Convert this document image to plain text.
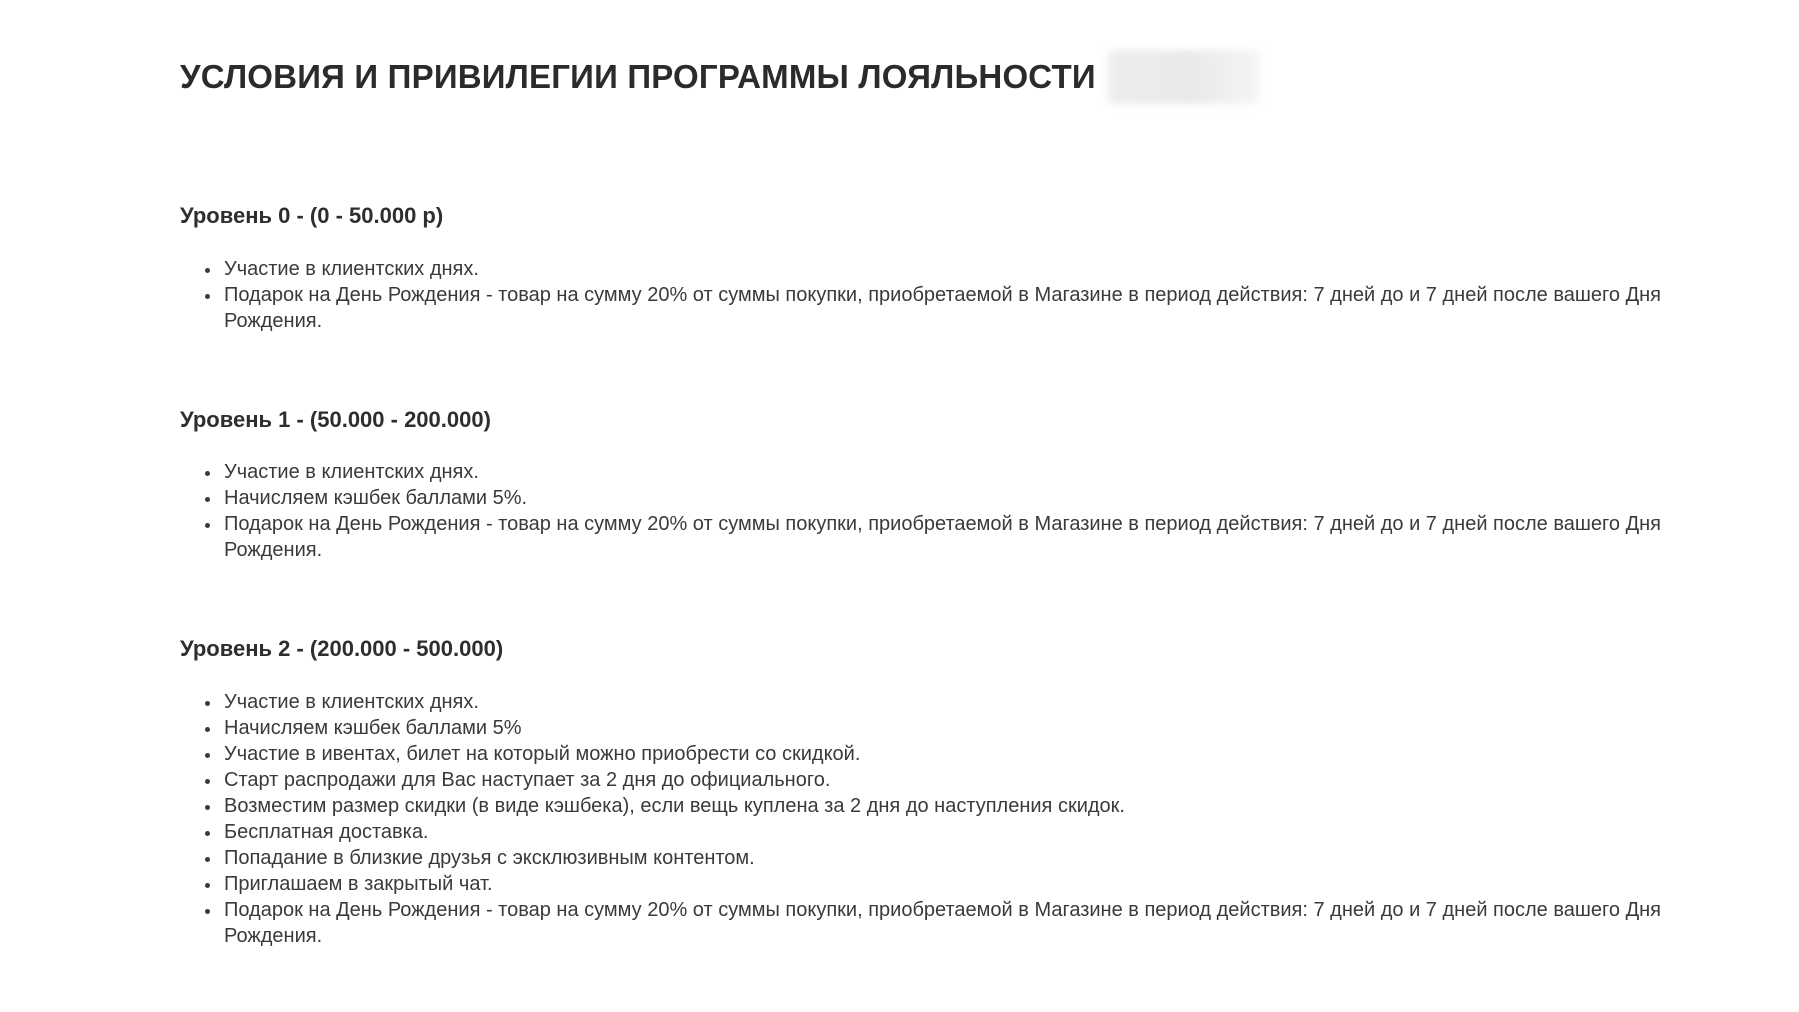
УСЛОВИЯ И ПРИВИЛЕГИИ ПРОГРАММЫ ЛОЯЛЬНОСТИ
Уровень 0 - (0 - 50.000 р)
• Участие в клиентских днях.
• Подарок на День Рождения - товар на сумму 20% от суммы покупки, приобретаемой в Магазине в период действия: 7 дней до и 7 дней после вашего Дня Рождения.
Уровень 1 - (50.000 - 200.000)
• Участие в клиентских днях.
• Начисляем кэшбек баллами 5%.
• Подарок на День Рождения - товар на сумму 20% от суммы покупки, приобретаемой в Магазине в период действия: 7 дней до и 7 дней после вашего Дня Рождения.
Уровень 2 - (200.000 - 500.000)
• Участие в клиентских днях.
• Начисляем кэшбек баллами 5%
• Участие в ивентах, билет на который можно приобрести со скидкой.
• Старт распродажи для Вас наступает за 2 дня до официального.
• Возместим размер скидки (в виде кэшбека), если вещь куплена за 2 дня до наступления скидок.
• Бесплатная доставка.
• Попадание в близкие друзья с эксклюзивным контентом.
• Приглашаем в закрытый чат.
• Подарок на День Рождения - товар на сумму 20% от суммы покупки, приобретаемой в Магазине в период действия: 7 дней до и 7 дней после вашего Дня Рождения.
